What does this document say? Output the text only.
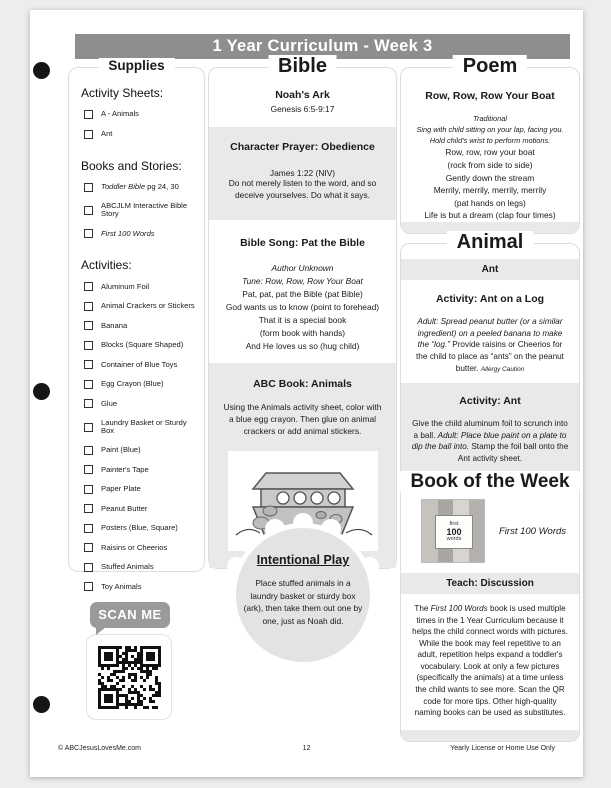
1 Year Curriculum - Week 3
Supplies
Activity Sheets:
A - Animals
Ant
Books and Stories:
Toddler Bible pg 24, 30
ABCJLM Interactive Bible Story
First 100 Words
Activities:
Aluminum Foil
Animal Crackers or Stickers
Banana
Blocks (Square Shaped)
Container of Blue Toys
Egg Crayon (Blue)
Glue
Laundry Basket or Sturdy Box
Paint (Blue)
Painter's Tape
Paper Plate
Peanut Butter
Posters (Blue, Square)
Raisins or Cheerios
Stuffed Animals
Toy Animals
SCAN ME
Bible
Noah's Ark
Genesis 6:5-9:17
Character Prayer: Obedience
James 1:22 (NIV)
Do not merely listen to the word, and so deceive yourselves. Do what it says.
Bible Song: Pat the Bible
Author Unknown
Tune: Row, Row, Row Your Boat
Pat, pat, pat the Bible (pat Bible)
God wants us to know (point to forehead)
That it is a special book
(form book with hands)
And He loves us so (hug child)
ABC Book: Animals
Using the Animals activity sheet, color with a blue egg crayon. Then glue on animal crackers or add animal stickers.
Intentional Play
Place stuffed animals in a laundry basket or sturdy box (ark), then take them out one by one, just as Noah did.
Poem
Row, Row, Row Your Boat
Traditional
Sing with child sitting on your lap, facing you.
Hold child's wrist to perform motions.
Row, row, row your boat
(rock from side to side)
Gently down the stream
Merrily, merrily, merrily, merrily
(pat hands on legs)
Life is but a dream (clap four times)
Animal
Ant
Activity: Ant on a Log
Adult: Spread peanut butter (or a similar ingredient) on a peeled banana to make the “log.” Provide raisins or Cheerios for the child to place as “ants” on the peanut butter. Allergy Caution
Activity: Ant
Give the child aluminum foil to scrunch into a ball. Adult: Place blue paint on a plate to dip the ball into. Stamp the foil ball onto the Ant activity sheet.
Book of the Week
first
100
words
First 100 Words
Teach: Discussion
The First 100 Words book is used multiple times in the 1 Year Curriculum because it helps the child connect words with pictures. While the book may feel repetitive to an adult, repetition helps expand a toddler's vocabulary. Look at only a few pictures (specifically the animals) at a time unless the child wants to see more. Scan the QR code for more tips. Other high-quality naming books can be used as substitutes.
© ABCJesusLovesMe.com	12	Yearly License or Home Use Only
